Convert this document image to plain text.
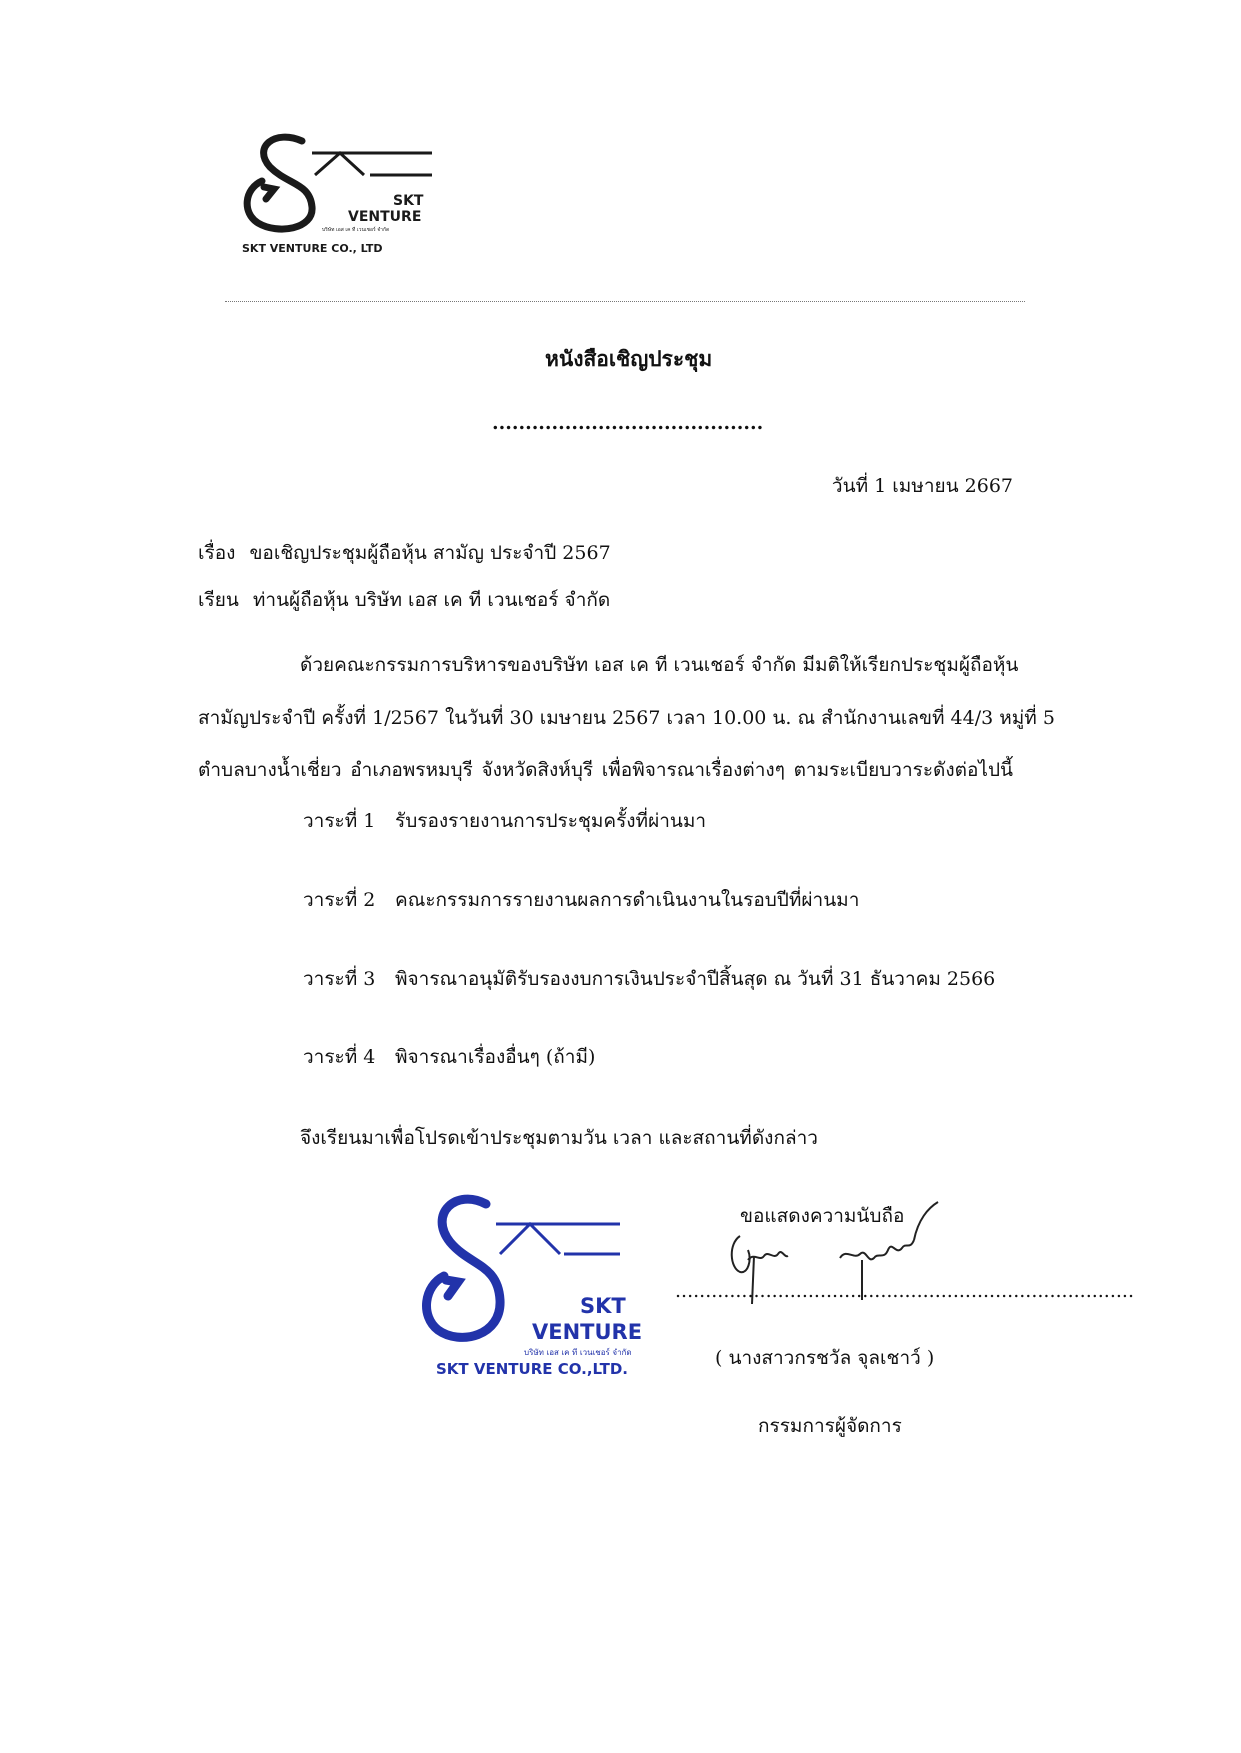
SKT
VENTURE
บริษัท เอส เค ที เวนเชอร์ จำกัด
SKT VENTURE CO., LTD
หนังสือเชิญประชุม
.........................................
วันที่ 1 เมษายน 2667
เรื่อง ขอเชิญประชุมผู้ถือหุ้น สามัญ ประจำปี 2567
เรียน ท่านผู้ถือหุ้น บริษัท เอส เค ที เวนเชอร์ จำกัด
ด้วยคณะกรรมการบริหารของบริษัท เอส เค ที เวนเชอร์ จำกัด มีมติให้เรียกประชุมผู้ถือหุ้น
สามัญประจำปี ครั้งที่ 1/2567 ในวันที่ 30 เมษายน 2567 เวลา 10.00 น. ณ สำนักงานเลขที่ 44/3 หมู่ที่ 5
ตำบลบางน้ำเชี่ยว อำเภอพรหมบุรี จังหวัดสิงห์บุรี เพื่อพิจารณาเรื่องต่างๆ ตามระเบียบวาระดังต่อไปนี้
วาระที่ 1 รับรองรายงานการประชุมครั้งที่ผ่านมา
วาระที่ 2 คณะกรรมการรายงานผลการดำเนินงานในรอบปีที่ผ่านมา
วาระที่ 3 พิจารณาอนุมัติรับรองงบการเงินประจำปีสิ้นสุด ณ วันที่ 31 ธันวาคม 2566
วาระที่ 4 พิจารณาเรื่องอื่นๆ (ถ้ามี)
จึงเรียนมาเพื่อโปรดเข้าประชุมตามวัน เวลา และสถานที่ดังกล่าว
SKT
VENTURE
บริษัท เอส เค ที เวนเชอร์ จำกัด
SKT VENTURE CO.,LTD.
ขอแสดงความนับถือ
............................................................................
( นางสาวกรชวัล จุลเชาว์ )
กรรมการผู้จัดการ
